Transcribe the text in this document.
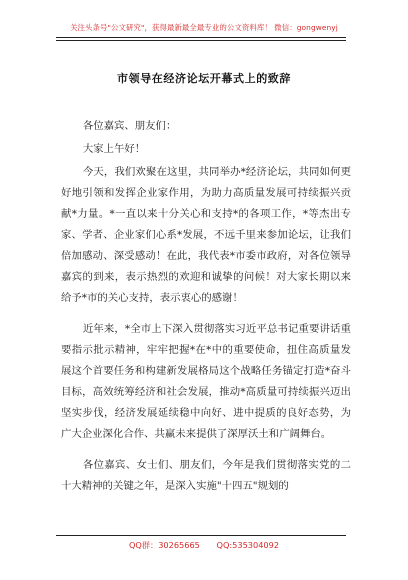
关注头条号"公文研究"，获得最新最全最专业的公文资料库！ 微信：gongwenyj
市领导在经济论坛开幕式上的致辞

各位嘉宾、朋友们：

大家上午好！

今天，我们欢聚在这里，共同举办*经济论坛，共同如何更好地引领和发挥企业家作用，为助力高质量发展可持续振兴贡献*力量。*一直以来十分关心和支持*的各项工作，*等杰出专家、学者、企业家们心系*发展，不远千里来参加论坛，让我们倍加感动、深受感动！在此，我代表*市委市政府，对各位领导嘉宾的到来，表示热烈的欢迎和诚挚的问候！对大家长期以来给予*市的关心支持，表示衷心的感谢！

近年来，*全市上下深入贯彻落实习近平总书记重要讲话重要指示批示精神，牢牢把握*在*中的重要使命，扭住高质量发展这个首要任务和构建新发展格局这个战略任务锚定打造*奋斗目标，高效统筹经济和社会发展，推动*高质量可持续振兴迈出坚实步伐，经济发展延续稳中向好、进中提质的良好态势，为广大企业深化合作、共赢未来提供了深厚沃土和广阔舞台。

各位嘉宾、女士们、朋友们，今年是我们贯彻落实党的二十大精神的关键之年，是深入实施"十四五"规划的

QQ群：30265665 QQ:535304092
